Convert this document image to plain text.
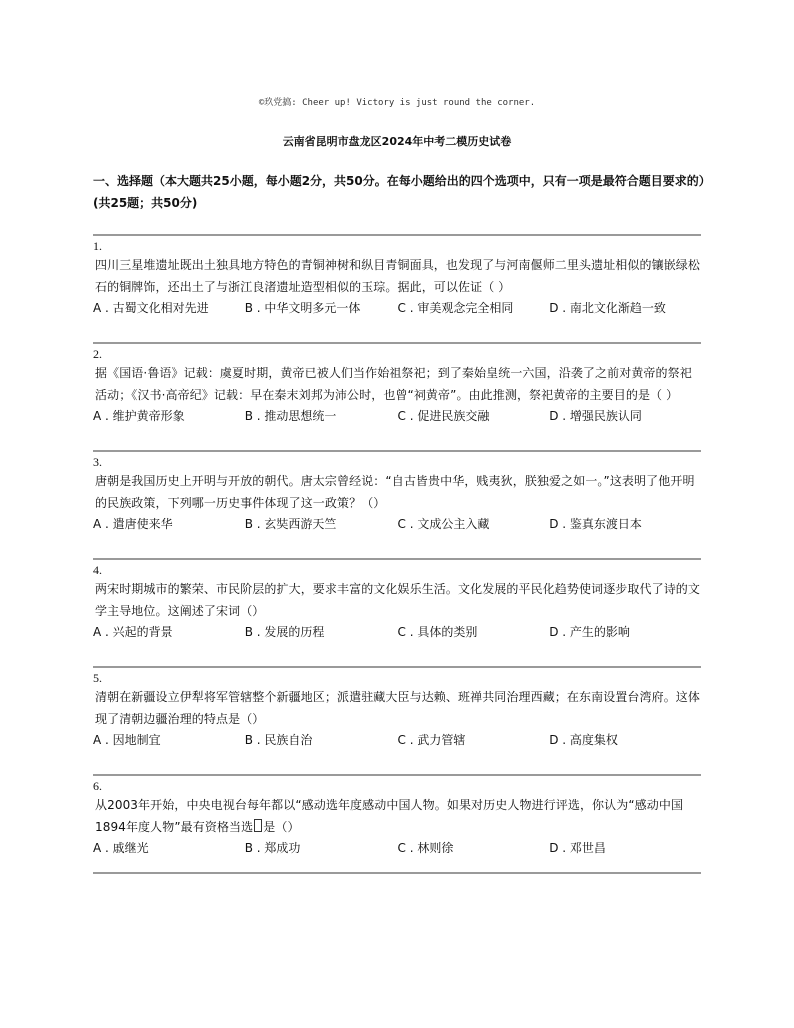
©玖党搞: Cheer up! Victory is just round the corner.
云南省昆明市盘龙区2024年中考二模历史试卷
一、选择题（本大题共25小题，每小题2分，共50分。在每小题给出的四个选项中，只有一项是最符合题目要求的）(共25题；共50分)
1.
四川三星堆遗址既出土独具地方特色的青铜神树和纵目青铜面具，也发现了与河南偃师二里头遗址相似的镶嵌绿松石的铜牌饰，还出土了与浙江良渚遗址造型相似的玉琮。据此，可以佐证（ ）
A . 古蜀文化相对先进	B . 中华文明多元一体	C . 审美观念完全相同	D . 南北文化渐趋一致
2.
据《国语·鲁语》记载：虞夏时期，黄帝已被人们当作始祖祭祀；到了秦始皇统一六国，沿袭了之前对黄帝的祭祀活动；《汉书·高帝纪》记载：早在秦末刘邦为沛公时，也曾“祠黄帝”。由此推测，祭祀黄帝的主要目的是（ ）
A . 维护黄帝形象	B . 推动思想统一	C . 促进民族交融	D . 增强民族认同
3.
唐朝是我国历史上开明与开放的朝代。唐太宗曾经说：“自古皆贵中华，贱夷狄，朕独爱之如一。”这表明了他开明的民族政策，下列哪一历史事件体现了这一政策？（）
A . 遣唐使来华	B . 玄奘西游天竺	C . 文成公主入藏	D . 鉴真东渡日本
4.
两宋时期城市的繁荣、市民阶层的扩大，要求丰富的文化娱乐生活。文化发展的平民化趋势使词逐步取代了诗的文学主导地位。这阐述了宋词（）
A . 兴起的背景	B . 发展的历程	C . 具体的类别	D . 产生的影响
5.
清朝在新疆设立伊犁将军管辖整个新疆地区；派遣驻藏大臣与达赖、班禅共同治理西藏；在东南设置台湾府。这体现了清朝边疆治理的特点是（）
A . 因地制宜	B . 民族自治	C . 武力管辖	D . 高度集权
6.
从2003年开始，中央电视台每年都以“感动选年度感动中国人物。如果对历史人物进行评选，你认为“感动中国1894年度人物”最有资格当选 是（）
A . 戚继光	B . 郑成功	C . 林则徐	D . 邓世昌
